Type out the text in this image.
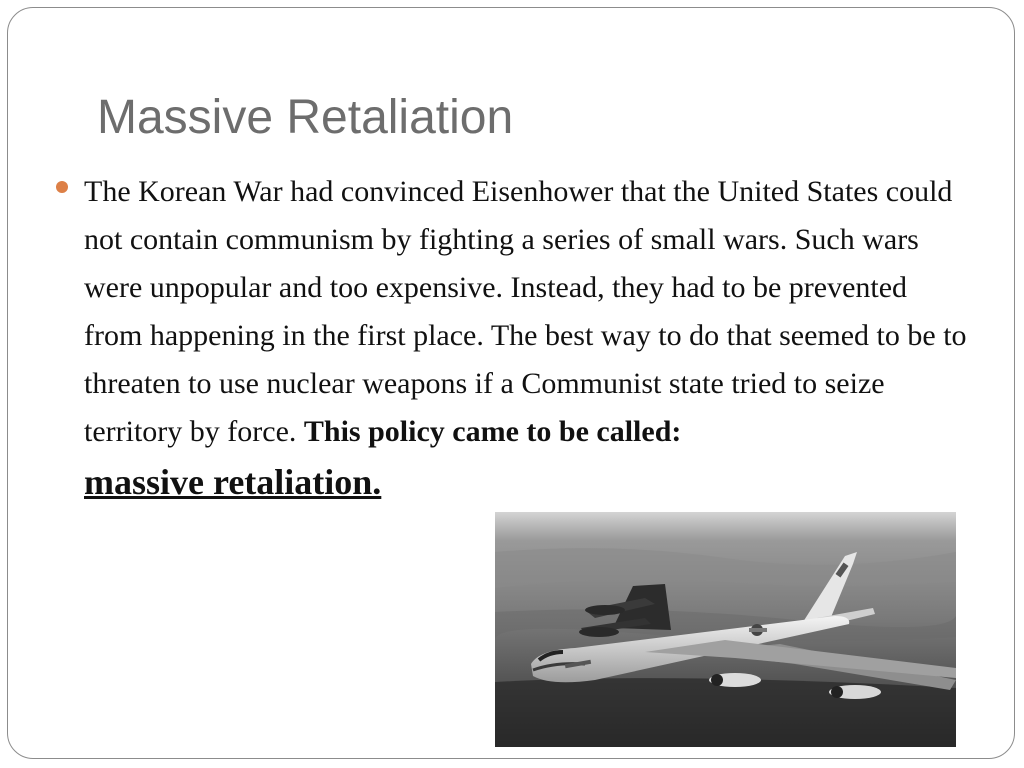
Massive Retaliation

The Korean War had convinced Eisenhower that the United States could not contain communism by fighting a series of small wars. Such wars were unpopular and too expensive. Instead, they had to be prevented from happening in the first place. The best way to do that seemed to be to threaten to use nuclear weapons if a Communist state tried to seize territory by force. This policy came to be called:
massive retaliation.
